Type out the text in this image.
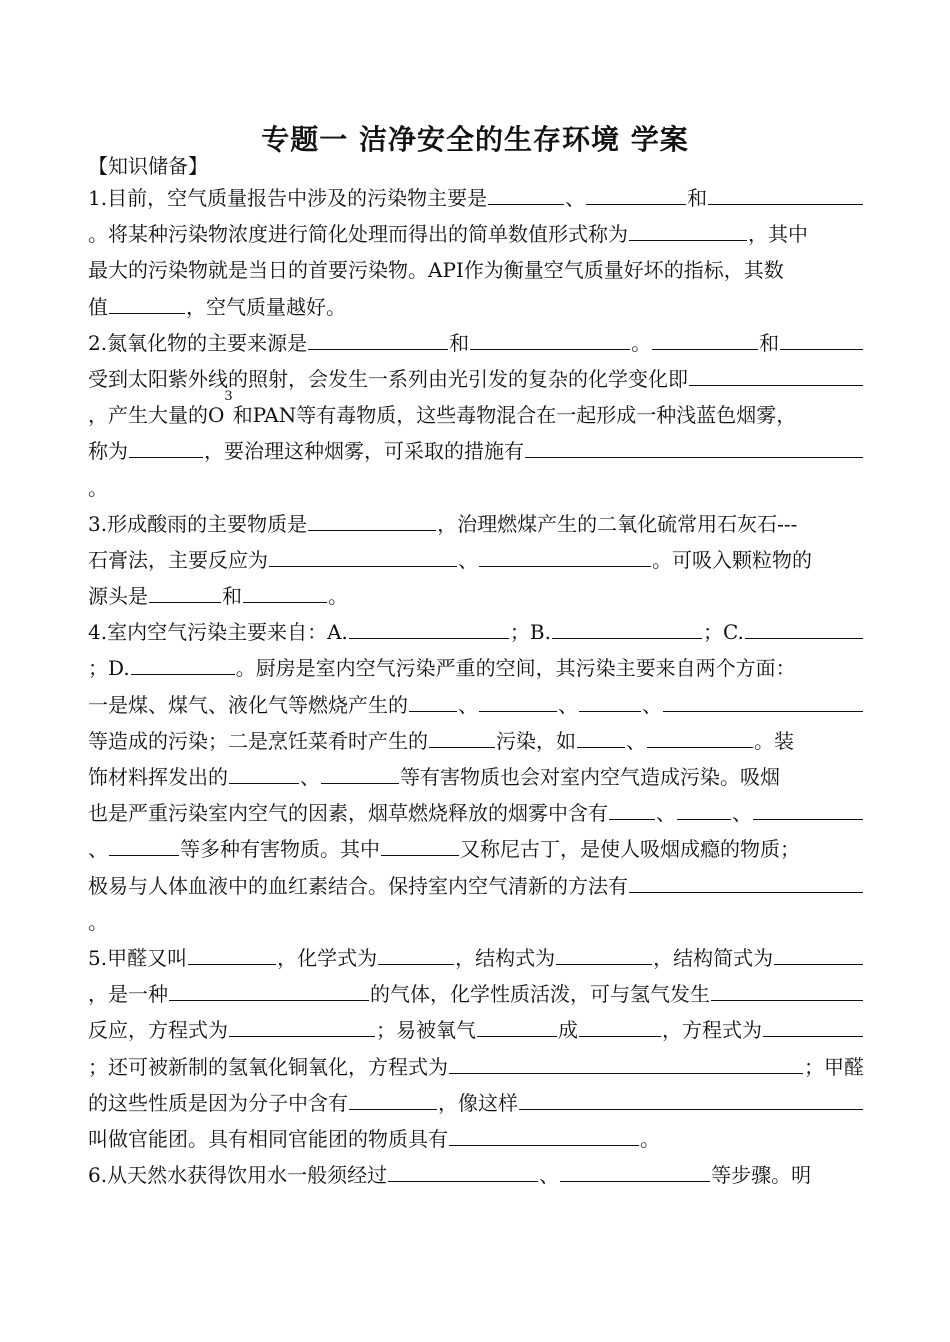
专题一 洁净安全的生存环境 学案
【知识储备】
1.目前，空气质量报告中涉及的污染物主要是	、	和
。将某种污染物浓度进行简化处理而得出的简单数值形式称为	，其中
最大的污染物就是当日的首要污染物。API作为衡量空气质量好坏的指标，其数
值	，空气质量越好。
2.氮氧化物的主要来源是	和	。	和
受到太阳紫外线的照射，会发生一系列由光引发的复杂的化学变化即
，产生大量的O
3
和PAN等有毒物质，这些毒物混合在一起形成一种浅蓝色烟雾，
称为	，要治理这种烟雾，可采取的措施有
。
3.形成酸雨的主要物质是	，治理燃煤产生的二氧化硫常用石灰石---
石膏法，主要反应为	、	。可吸入颗粒物的
源头是	和	。
4.室内空气污染主要来自：A.	；B.	；C.
；D.	。厨房是室内空气污染严重的空间，其污染主要来自两个方面：
一是煤、煤气、液化气等燃烧产生的	、	、	、
等造成的污染；二是烹饪菜肴时产生的	污染，如	、	。装
饰材料挥发出的	、	等有害物质也会对室内空气造成污染。吸烟
也是严重污染室内空气的因素，烟草燃烧释放的烟雾中含有 、	、
、	等多种有害物质。其中	又称尼古丁，是使人吸烟成瘾的物质；
极易与人体血液中的血红素结合。保持室内空气清新的方法有
。
5.甲醛又叫	，化学式为	，结构式为	，结构简式为
，是一种	的气体，化学性质活泼，可与氢气发生
反应，方程式为	；易被氧气	成	，方程式为
；还可被新制的氢氧化铜氧化，方程式为	；甲醛
的这些性质是因为分子中含有	，像这样
叫做官能团。具有相同官能团的物质具有	。
6.从天然水获得饮用水一般须经过	、	等步骤。明
